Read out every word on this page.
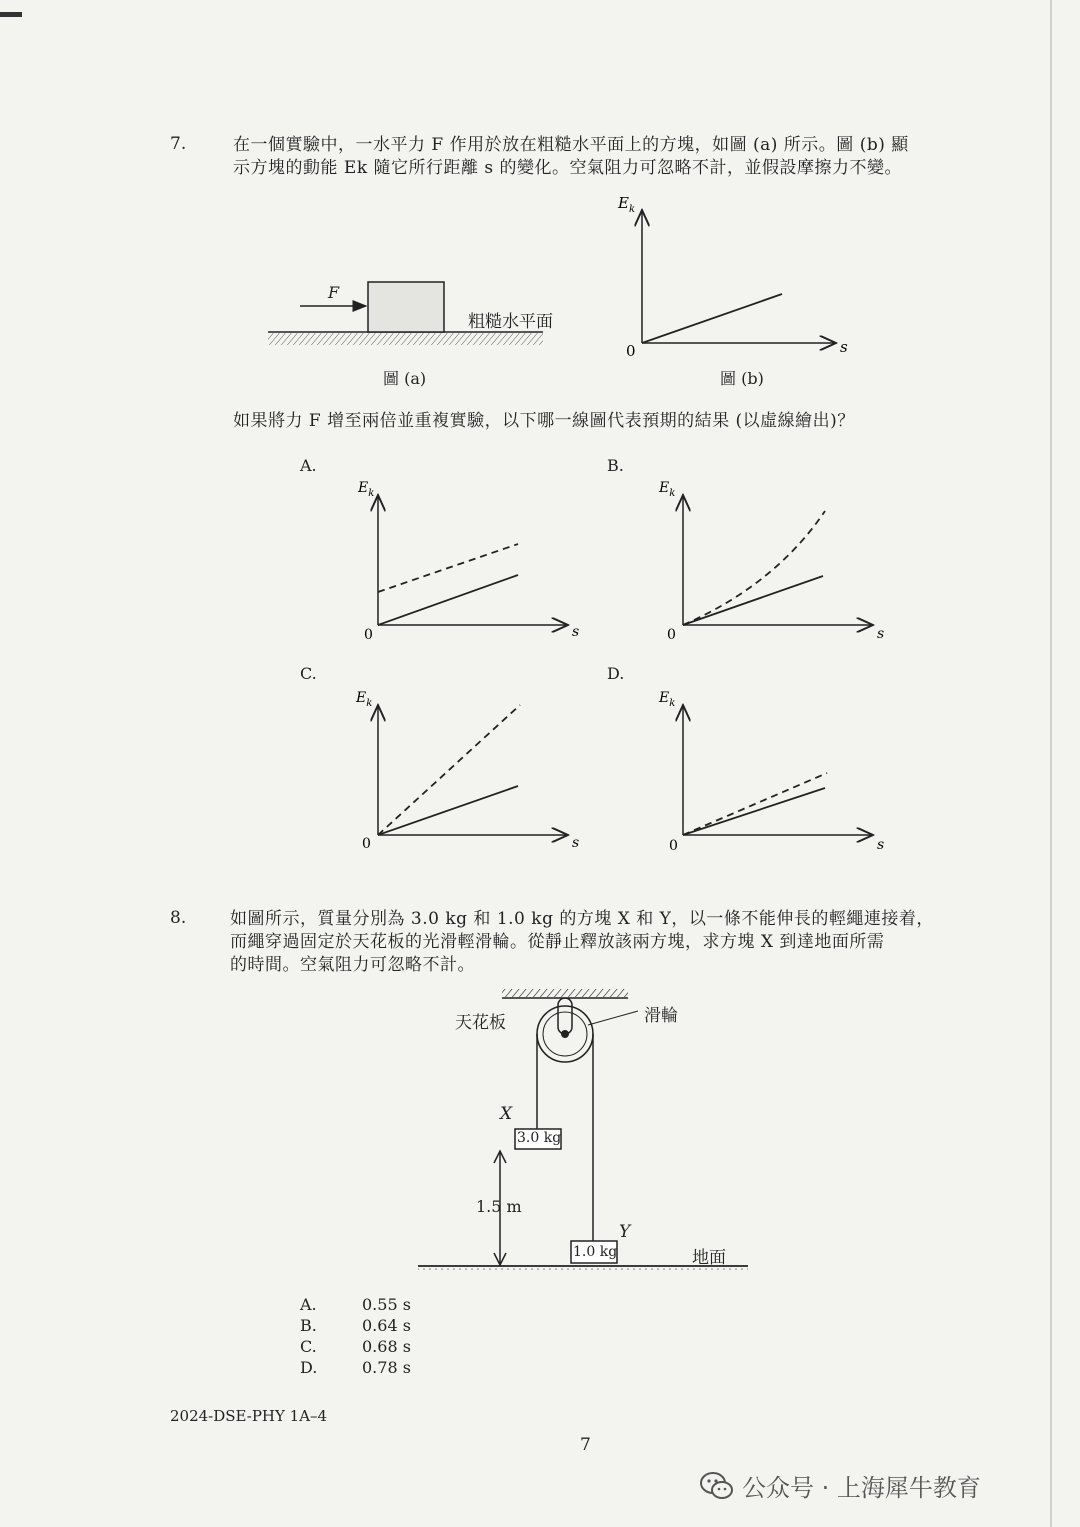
7.	在一個實驗中，一水平力 F 作用於放在粗糙水平面上的方塊，如圖 (a) 所示。圖 (b) 顯
示方塊的動能 Ek 隨它所行距離 s 的變化。空氣阻力可忽略不計，並假設摩擦力不變。
F
粗糙水平面
圖 (a)
$E_k$
s
0
圖 (b)
如果將力 F 增至兩倍並重複實驗，以下哪一線圖代表預期的結果 (以虛線繪出)？
A.	B.
C.	D.
$E_k$
s
0
$E_k$
s
0
$E_k$
s
0
$E_k$
s
0
8.	如圖所示，質量分別為 3.0 kg 和 1.0 kg 的方塊 X 和 Y，以一條不能伸長的輕繩連接着，
而繩穿過固定於天花板的光滑輕滑輪。從靜止釋放該兩方塊，求方塊 X 到達地面所需
的時間。空氣阻力可忽略不計。
天花板	滑輪
X
3.0 kg
Y
1.0 kg
1.5 m
地面
A.	0.55 s
B.	0.64 s
C.	0.68 s
D.	0.78 s
2024-DSE-PHY 1A–4
7
公众号 · 上海犀牛教育
